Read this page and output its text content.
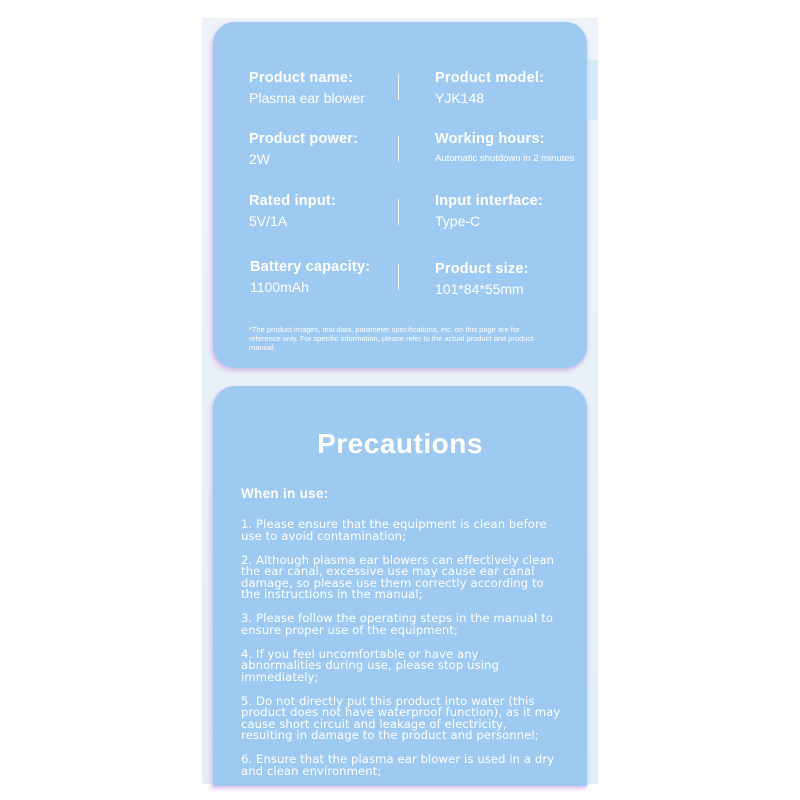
Product name:
Plasma ear blower
Product model:
YJK148
Product power:
2W
Working hours:
Automatic shutdown in 2 minutes
Rated input:
5V/1A
Input interface:
Type-C
Battery capacity:
1100mAh
Product size:
101*84*55mm
*The product images, test data, parameter specifications, etc. on this page are for reference only. For specific information, please refer to the actual product and product manual.
Precautions
When in use:
1. Please ensure that the equipment is clean before use to avoid contamination;
2. Although plasma ear blowers can effectively clean the ear canal, excessive use may cause ear canal damage, so please use them correctly according to the instructions in the manual;
3. Please follow the operating steps in the manual to ensure proper use of the equipment;
4. If you feel uncomfortable or have any abnormalities during use, please stop using immediately;
5. Do not directly put this product into water (this product does not have waterproof function), as it may cause short circuit and leakage of electricity, resulting in damage to the product and personnel;
6. Ensure that the plasma ear blower is used in a dry and clean environment;
